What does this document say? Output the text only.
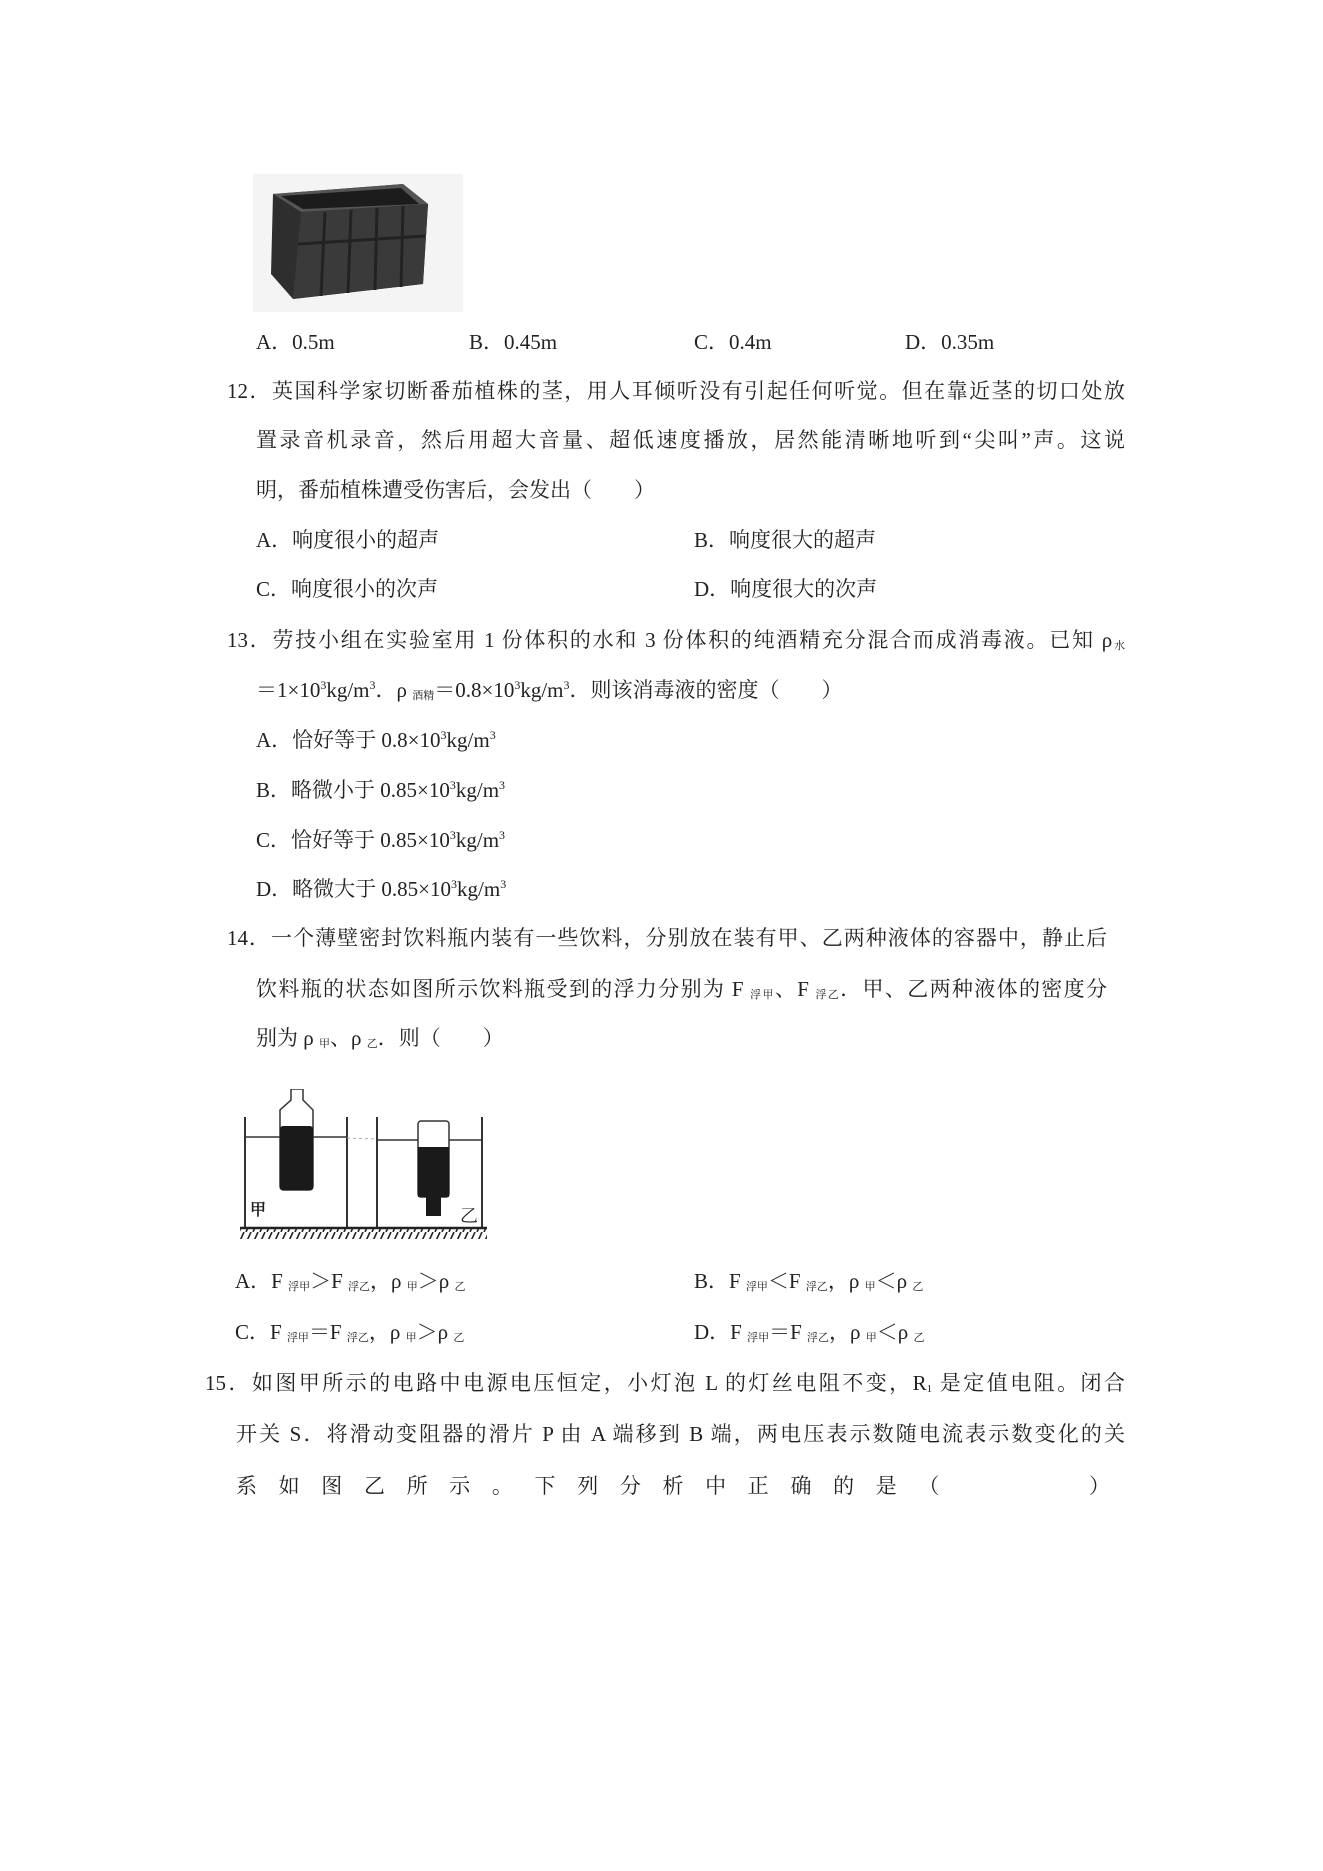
A．0.5m	B．0.45m	C．0.4m	D．0.35m
12．英国科学家切断番茄植株的茎，用人耳倾听没有引起任何听觉。但在靠近茎的切口处放
置录音机录音，然后用超大音量、超低速度播放，居然能清晰地听到“尖叫”声。这说
明，番茄植株遭受伤害后，会发出（　　）
A．响度很小的超声	B．响度很大的超声
C．响度很小的次声	D．响度很大的次声
13．劳技小组在实验室用 1 份体积的水和 3 份体积的纯酒精充分混合而成消毒液。已知 $\rho_水$
$=1\times 10^3kg/m^3$．ρ $_{酒精}=0.8\times 10^3kg/m^3$．则该消毒液的密度（　　）
A．恰好等于 $0.8\times 10^3kg/m^3$
B．略微小于 $0.85\times 10^3kg/m^3$
C．恰好等于 $0.85\times 10^3kg/m^3$
D．略微大于 $0.85\times 10^3kg/m^3$
14．一个薄壁密封饮料瓶内装有一些饮料，分别放在装有甲、乙两种液体的容器中，静止后
饮料瓶的状态如图所示饮料瓶受到的浮力分别为 F $_{浮甲}$、F $_{浮乙}$．甲、乙两种液体的密度分
别为 ρ $_甲$、ρ $_乙$．则（　　）
甲	乙
A．F $_{浮甲}$＞F $_{浮乙}$，ρ $_甲$＞ρ $_乙$	B．F $_{浮甲}$＜F $_{浮乙}$，ρ $_甲$＜ρ $_乙$
C．F $_{浮甲}$＝F $_{浮乙}$，ρ $_甲$＞ρ $_乙$	D．F $_{浮甲}$＝F $_{浮乙}$，ρ $_甲$＜ρ $_乙$
15．如图甲所示的电路中电源电压恒定，小灯泡 L 的灯丝电阻不变，$R_1$ 是定值电阻。闭合
开关 S．将滑动变阻器的滑片 P 由 A 端移到 B 端，两电压表示数随电流表示数变化的关
系如图乙所示。下列分析中正确的是（　　　）
